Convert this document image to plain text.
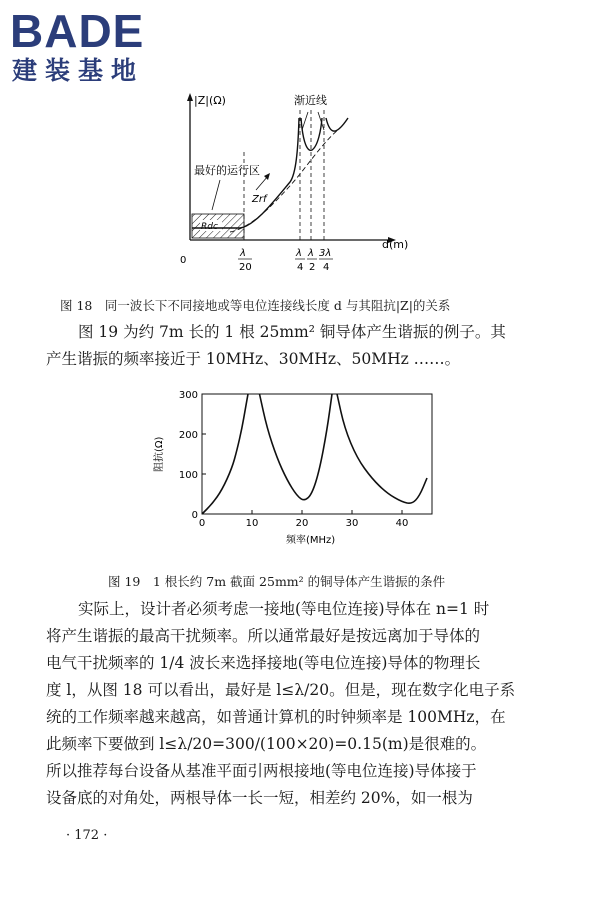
BADE
建装基地
|Z|(Ω)
d(m)
0
Rdc
渐近线
最好的运行区
Zrf
λ
20
λ
4
λ
2
3λ
4
图 18　同一波长下不同接地或等电位连接线长度 d 与其阻抗|Z|的关系
图 19 为约 7m 长的 1 根 25mm² 铜导体产生谐振的例子。其
产生谐振的频率接近于 10MHz、30MHz、50MHz ……。
0	10	20	30	40
0
100
200
300
阻抗(Ω)
频率(MHz)
图 19　1 根长约 7m 截面 25mm² 的铜导体产生谐振的条件
实际上，设计者必须考虑一接地(等电位连接)导体在 n=1 时
将产生谐振的最高干扰频率。所以通常最好是按远离加于导体的
电气干扰频率的 1/4 波长来选择接地(等电位连接)导体的物理长
度 l，从图 18 可以看出，最好是 l≤λ/20。但是，现在数字化电子系
统的工作频率越来越高，如普通计算机的时钟频率是 100MHz，在
此频率下要做到 l≤λ/20=300/(100×20)=0.15(m)是很难的。
所以推荐每台设备从基准平面引两根接地(等电位连接)导体接于
设备底的对角处，两根导体一长一短，相差约 20%，如一根为
· 172 ·
